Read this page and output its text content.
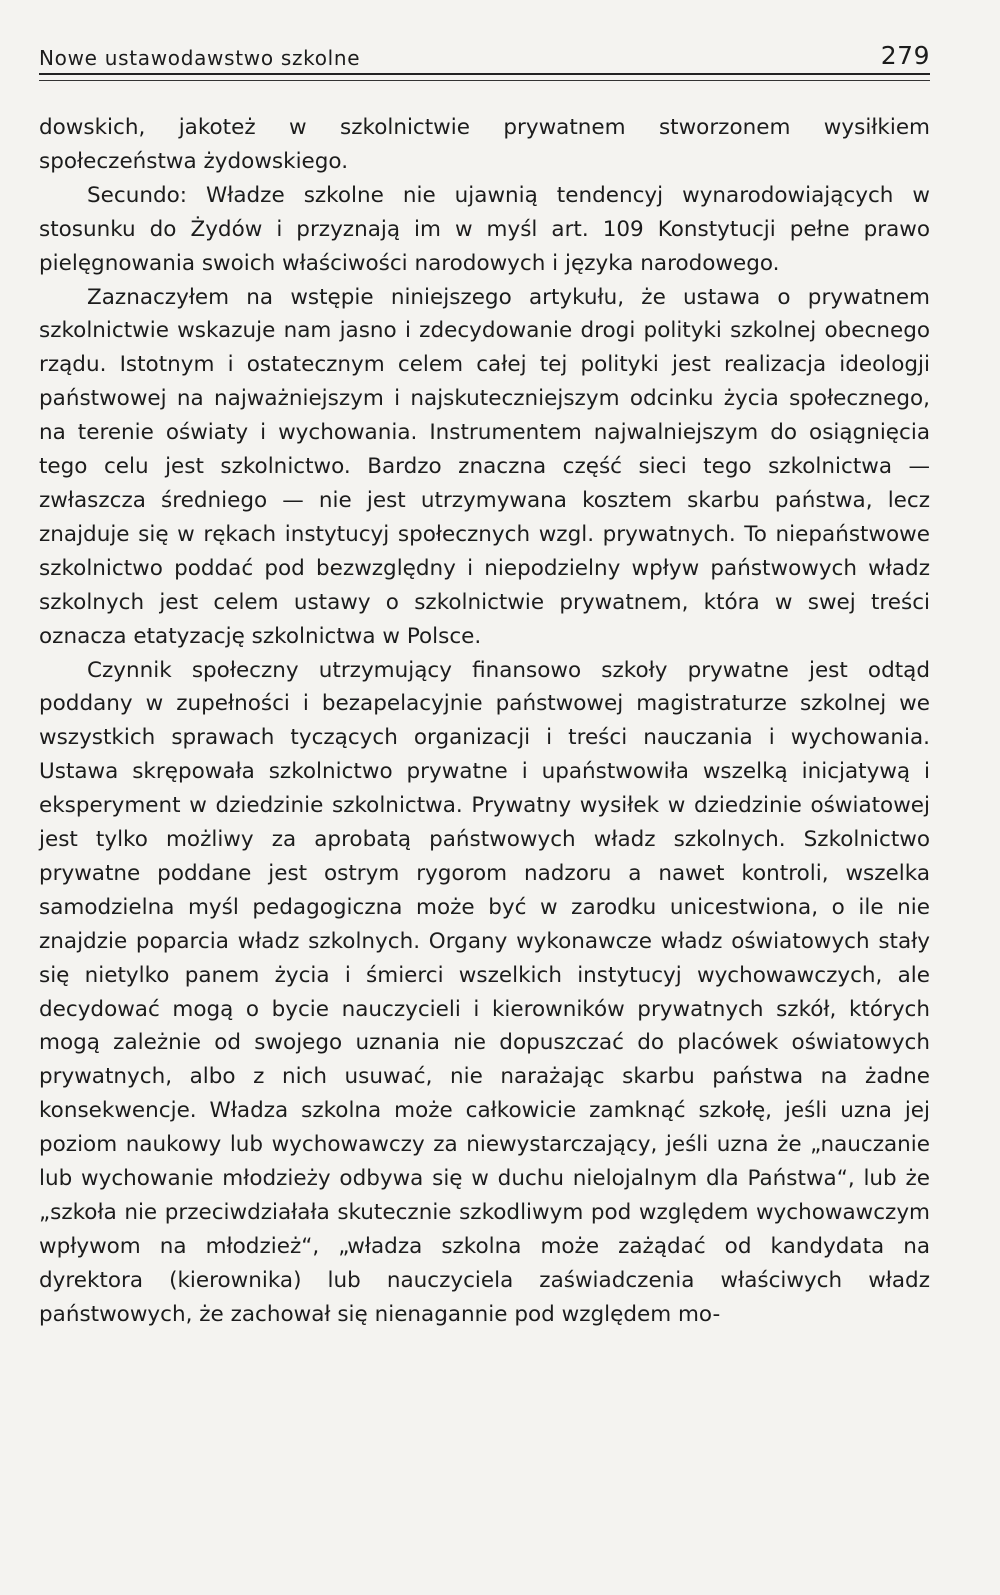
Nowe ustawodawstwo szkolne	279

dowskich, jakoteż w szkolnictwie prywatnem stworzonem wysiłkiem społeczeństwa żydowskiego.

Secundo: Władze szkolne nie ujawnią tendencyj wynarodowiających w stosunku do Żydów i przyznają im w myśl art. 109 Konstytucji pełne prawo pielęgnowania swoich właściwości narodowych i języka narodowego.

Zaznaczyłem na wstępie niniejszego artykułu, że ustawa o prywatnem szkolnictwie wskazuje nam jasno i zdecydowanie drogi polityki szkolnej obecnego rządu. Istotnym i ostatecznym celem całej tej polityki jest realizacja ideologji państwowej na najważniejszym i najskuteczniejszym odcinku życia społecznego, na terenie oświaty i wychowania. Instrumentem najwalniejszym do osiągnięcia tego celu jest szkolnictwo. Bardzo znaczna część sieci tego szkolnictwa — zwłaszcza średniego — nie jest utrzymywana kosztem skarbu państwa, lecz znajduje się w rękach instytucyj społecznych wzgl. prywatnych. To niepaństwowe szkolnictwo poddać pod bezwzględny i niepodzielny wpływ państwowych władz szkolnych jest celem ustawy o szkolnictwie prywatnem, która w swej treści oznacza etatyzację szkolnictwa w Polsce.

Czynnik społeczny utrzymujący finansowo szkoły prywatne jest odtąd poddany w zupełności i bezapelacyjnie państwowej magistraturze szkolnej we wszystkich sprawach tyczących organizacji i treści nauczania i wychowania. Ustawa skrępowała szkolnictwo prywatne i upaństwowiła wszelką inicjatywą i eksperyment w dziedzinie szkolnictwa. Prywatny wysiłek w dziedzinie oświatowej jest tylko możliwy za aprobatą państwowych władz szkolnych. Szkolnictwo prywatne poddane jest ostrym rygorom nadzoru a nawet kontroli, wszelka samodzielna myśl pedagogiczna może być w zarodku unicestwiona, o ile nie znajdzie poparcia władz szkolnych. Organy wykonawcze władz oświatowych stały się nietylko panem życia i śmierci wszelkich instytucyj wychowawczych, ale decydować mogą o bycie nauczycieli i kierowników prywatnych szkół, których mogą zależnie od swojego uznania nie dopuszczać do placówek oświatowych prywatnych, albo z nich usuwać, nie narażając skarbu państwa na żadne konsekwencje. Władza szkolna może całkowicie zamknąć szkołę, jeśli uzna jej poziom naukowy lub wychowawczy za niewystarczający, jeśli uzna że „nauczanie lub wychowanie młodzieży odbywa się w duchu nielojalnym dla Państwa“, lub że „szkoła nie przeciwdziałała skutecznie szkodliwym pod względem wychowawczym wpływom na młodzież“, „władza szkolna może zażądać od kandydata na dyrektora (kierownika) lub nauczyciela zaświadczenia właściwych władz państwowych, że zachował się nienagannie pod względem mo-
